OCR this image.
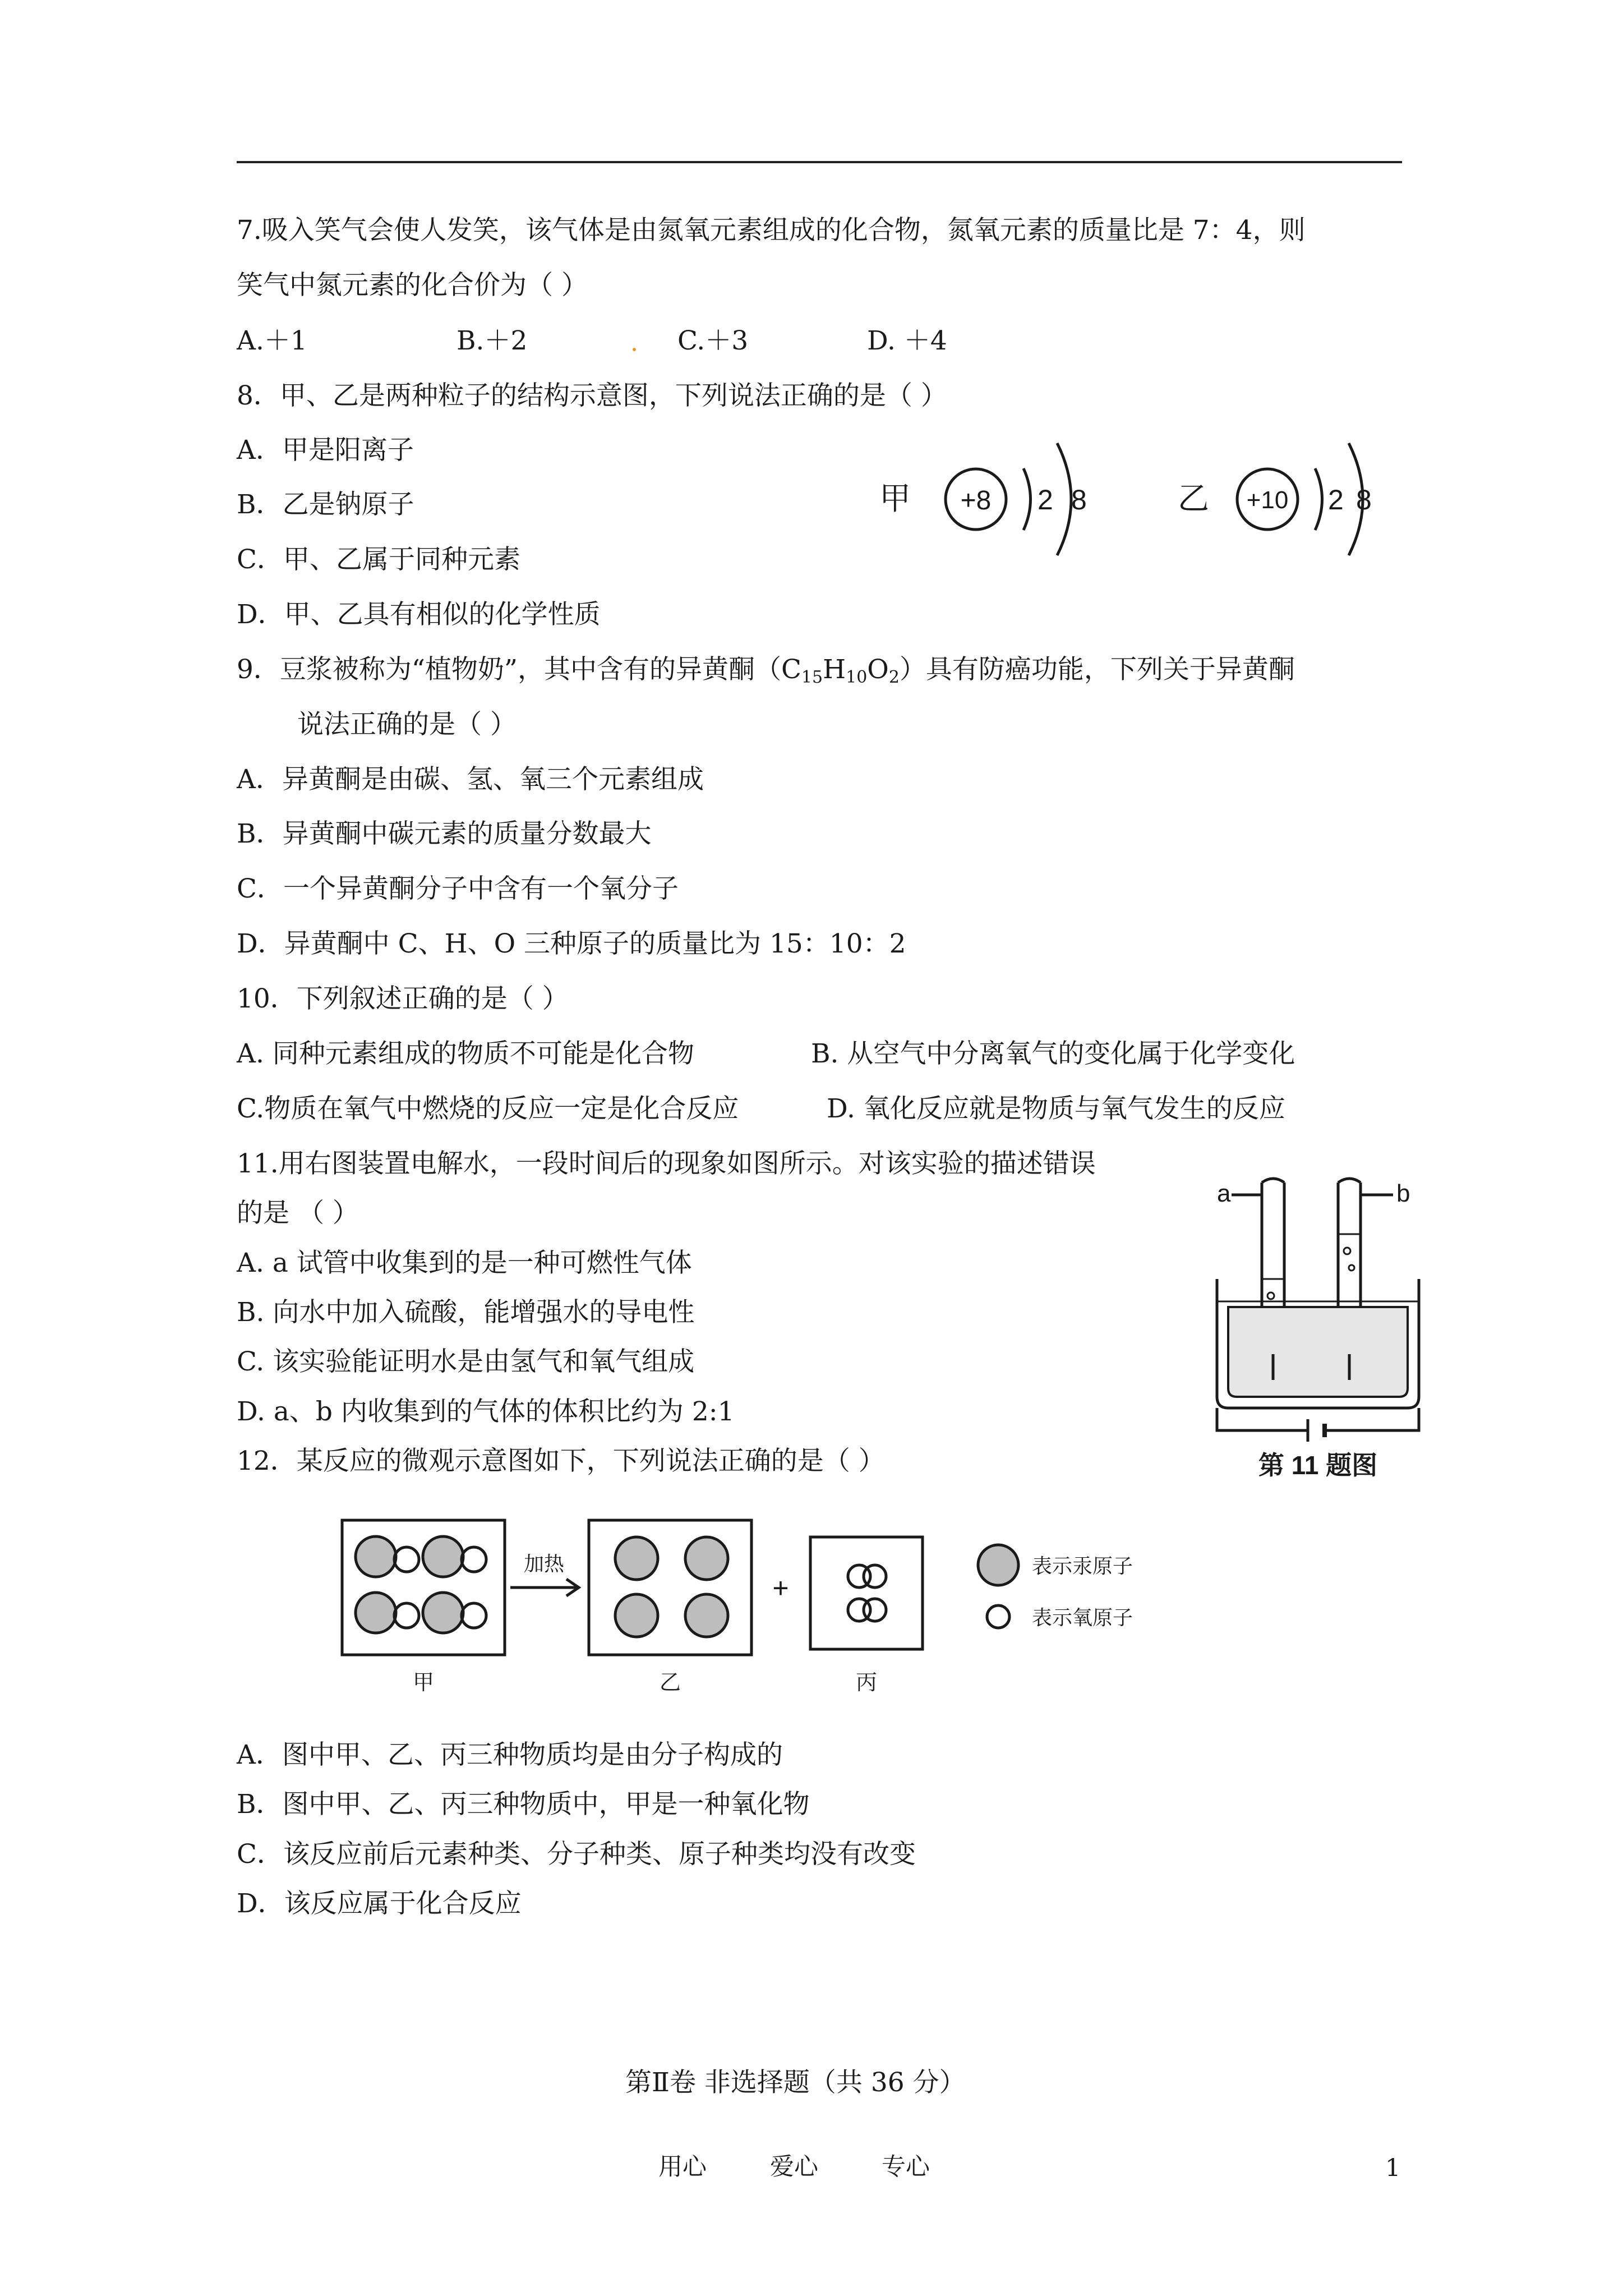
7.吸入笑气会使人发笑，该气体是由氮氧元素组成的化合物，氮氧元素的质量比是 7：4，则
笑气中氮元素的化合价为（ ）
A.＋1	B.＋2	C.＋3	D. ＋4
8．甲、乙是两种粒子的结构示意图，下列说法正确的是（ ）
A．甲是阳离子
B．乙是钠原子
C．甲、乙属于同种元素
D．甲、乙具有相似的化学性质
甲 +8 2 8	乙 +10 2 8
9．豆浆被称为“植物奶”，其中含有的异黄酮$(C_{15}H_{10}O_2)$具有防癌功能，下列关于异黄酮
说法正确的是（ ）
A．异黄酮是由碳、氢、氧三个元素组成
B．异黄酮中碳元素的质量分数最大
C．一个异黄酮分子中含有一个氧分子
D．异黄酮中 C、H、O 三种原子的质量比为 15：10：2
10．下列叙述正确的是（ ）
A. 同种元素组成的物质不可能是化合物	B. 从空气中分离氧气的变化属于化学变化
C.物质在氧气中燃烧的反应一定是化合反应	D. 氧化反应就是物质与氧气发生的反应
11.用右图装置电解水，一段时间后的现象如图所示。对该实验的描述错误
的是 （ ）
A. a 试管中收集到的是一种可燃性气体
B. 向水中加入硫酸，能增强水的导电性
C. 该实验能证明水是由氢气和氧气组成
D. a、b 内收集到的气体的体积比约为 2:1
a	b
第 11 题图
12．某反应的微观示意图如下，下列说法正确的是（ ）
加热
+
甲	乙	丙
表示汞原子
表示氧原子
A．图中甲、乙、丙三种物质均是由分子构成的
B．图中甲、乙、丙三种物质中，甲是一种氧化物
C．该反应前后元素种类、分子种类、原子种类均没有改变
D．该反应属于化合反应
第Ⅱ卷 非选择题（共 36 分）
用心	爱心	专心	1
